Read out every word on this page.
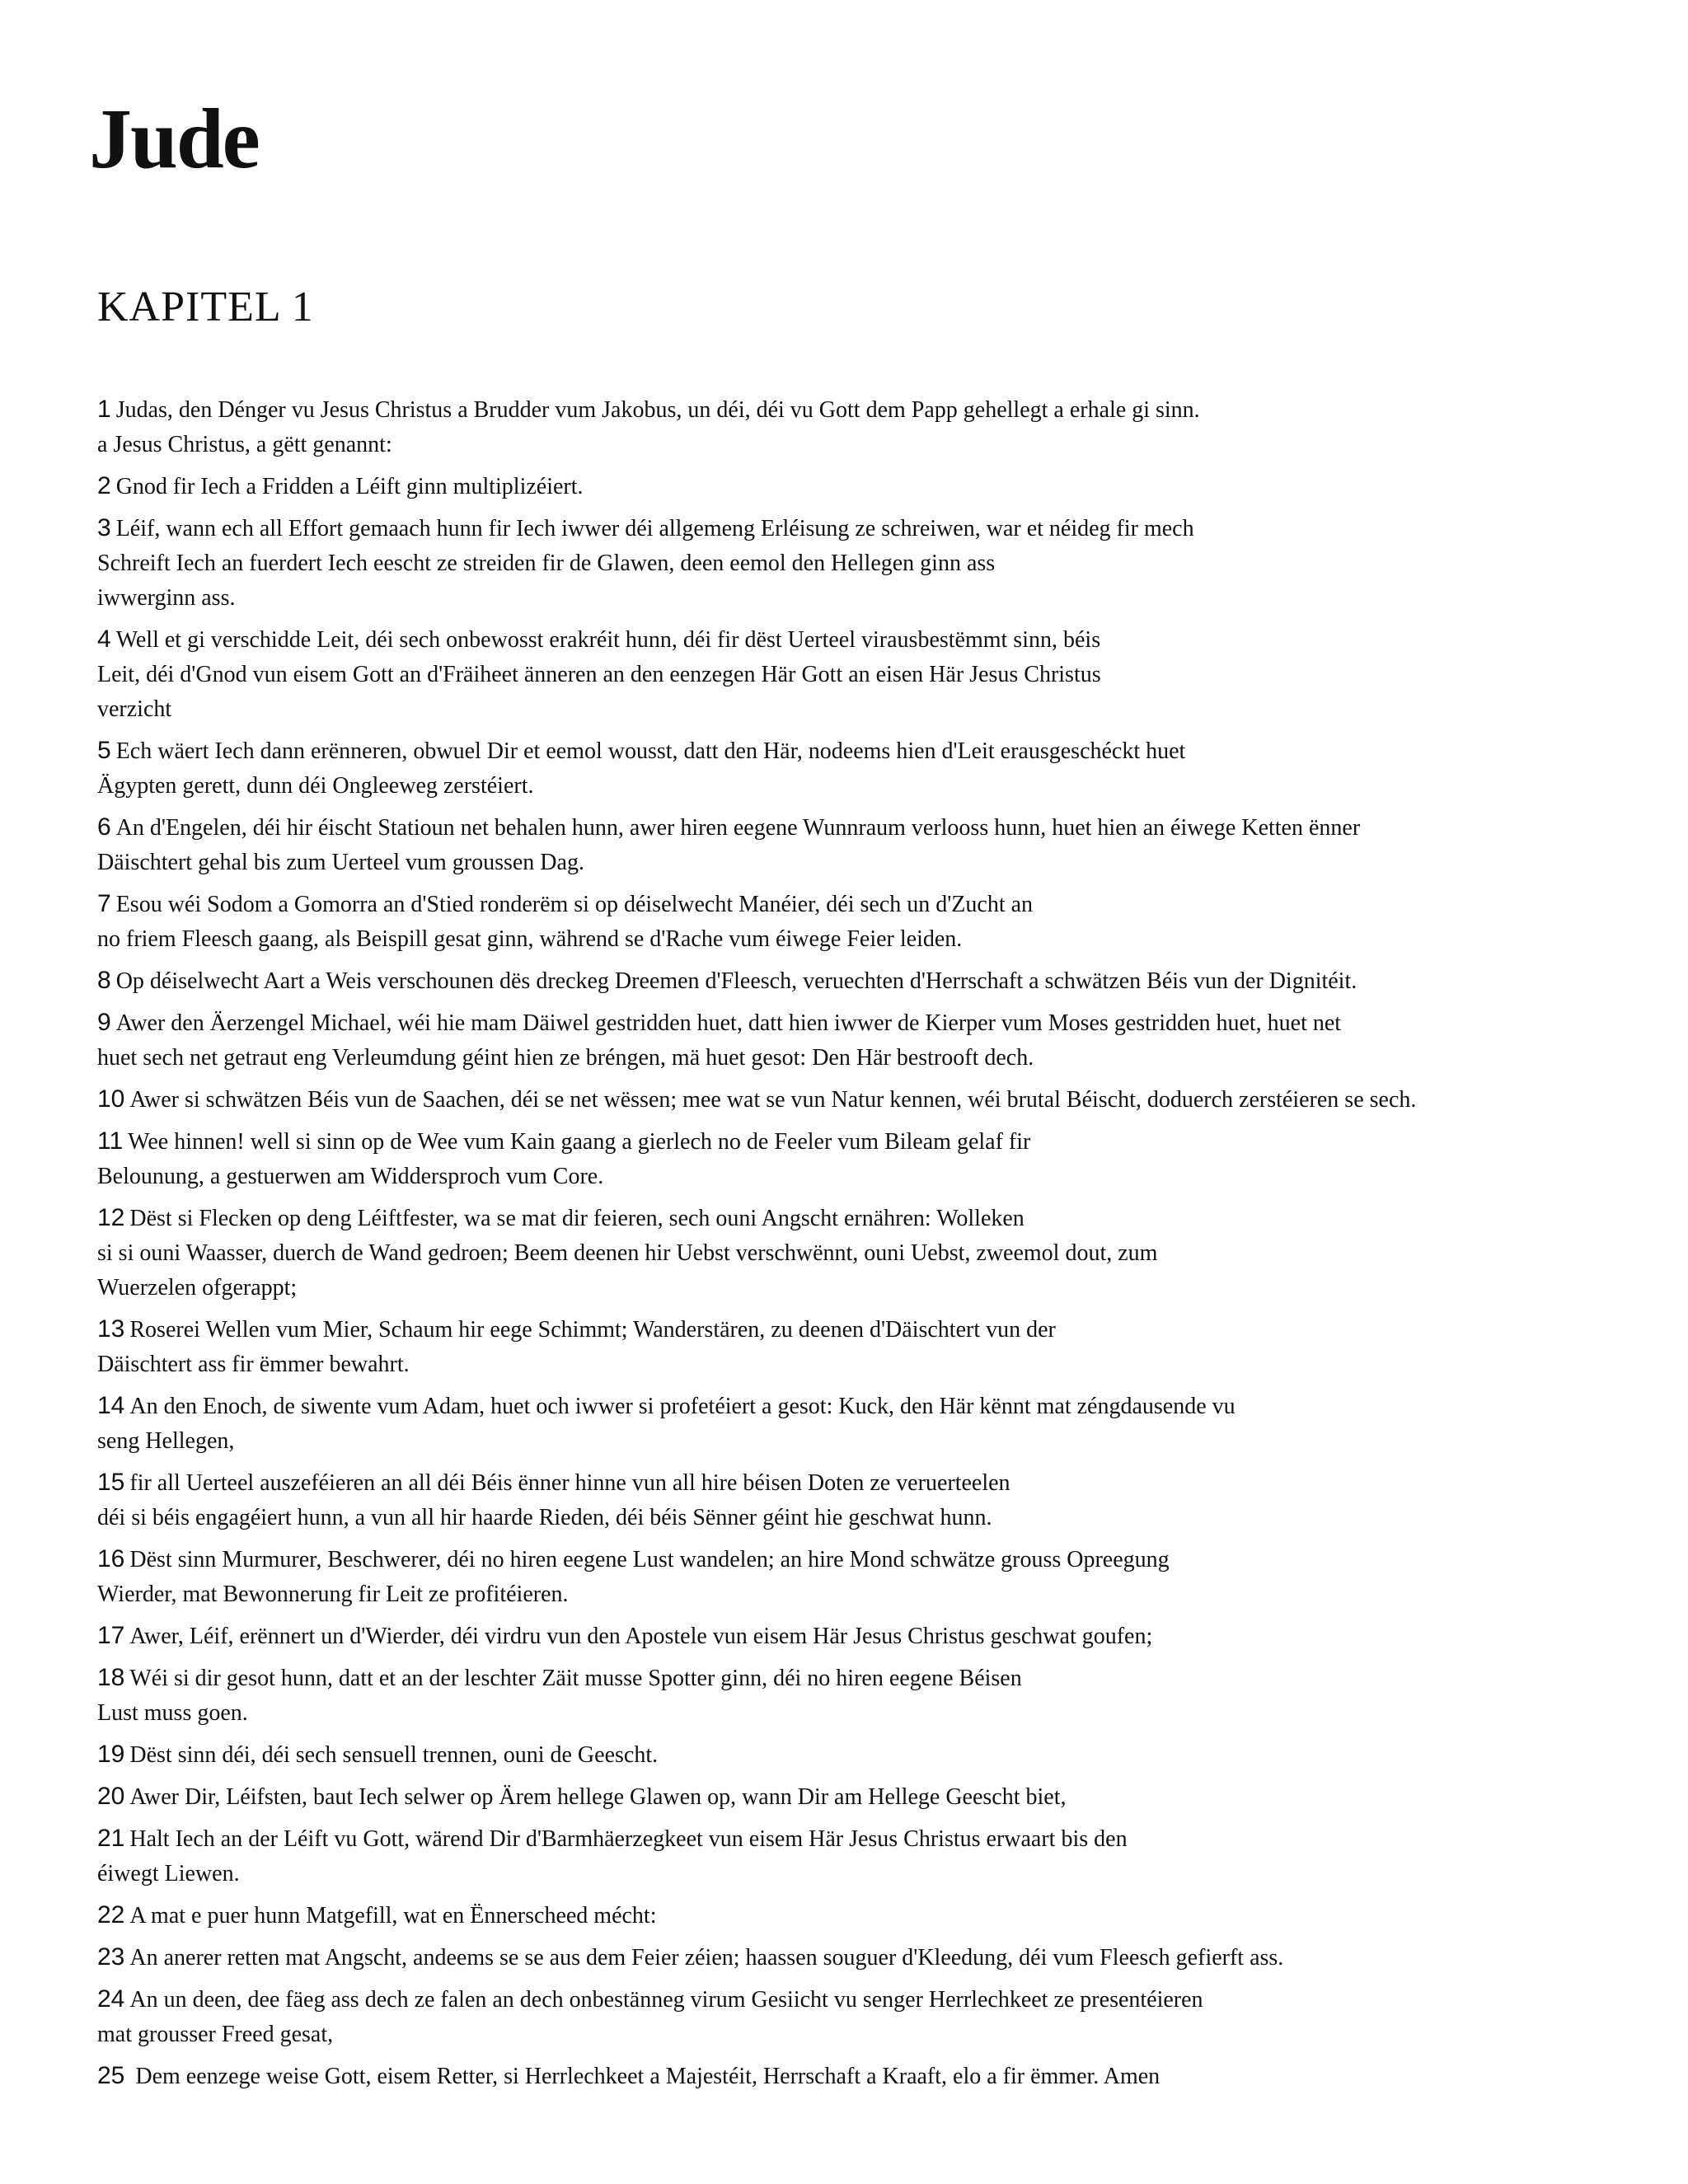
Jude
KAPITEL 1

1 Judas, den Dénger vu Jesus Christus a Brudder vum Jakobus, un déi, déi vu Gott dem Papp gehellegt a erhale gi sinn.
a Jesus Christus, a gëtt genannt:

2 Gnod fir Iech a Fridden a Léift ginn multiplizéiert.

3 Léif, wann ech all Effort gemaach hunn fir Iech iwwer déi allgemeng Erléisung ze schreiwen, war et néideg fir mech
Schreift Iech an fuerdert Iech eescht ze streiden fir de Glawen, deen eemol den Hellegen ginn ass
iwwerginn ass.

4 Well et gi verschidde Leit, déi sech onbewosst erakréit hunn, déi fir dëst Uerteel virausbestëmmt sinn, béis
Leit, déi d'Gnod vun eisem Gott an d'Fräiheet änneren an den eenzegen Här Gott an eisen Här Jesus Christus
verzicht

5 Ech wäert Iech dann erënneren, obwuel Dir et eemol wousst, datt den Här, nodeems hien d'Leit erausgeschéckt huet
Ägypten gerett, dunn déi Ongleeweg zerstéiert.

6 An d'Engelen, déi hir éischt Statioun net behalen hunn, awer hiren eegene Wunnraum verlooss hunn, huet hien an éiwege Ketten ënner
Däischtert gehal bis zum Uerteel vum groussen Dag.

7 Esou wéi Sodom a Gomorra an d'Stied ronderëm si op déiselwecht Manéier, déi sech un d'Zucht an
no friem Fleesch gaang, als Beispill gesat ginn, während se d'Rache vum éiwege Feier leiden.

8 Op déiselwecht Aart a Weis verschounen dës dreckeg Dreemen d'Fleesch, veruechten d'Herrschaft a schwätzen Béis vun der Dignitéit.

9 Awer den Äerzengel Michael, wéi hie mam Däiwel gestridden huet, datt hien iwwer de Kierper vum Moses gestridden huet, huet net
huet sech net getraut eng Verleumdung géint hien ze bréngen, mä huet gesot: Den Här bestrooft dech.

10 Awer si schwätzen Béis vun de Saachen, déi se net wëssen; mee wat se vun Natur kennen, wéi brutal Béischt, doduerch zerstéieren se sech.

11 Wee hinnen! well si sinn op de Wee vum Kain gaang a gierlech no de Feeler vum Bileam gelaf fir
Belounung, a gestuerwen am Widdersproch vum Core.

12 Dëst si Flecken op deng Léiftfester, wa se mat dir feieren, sech ouni Angscht ernähren: Wolleken
si si ouni Waasser, duerch de Wand gedroen; Beem deenen hir Uebst verschwënnt, ouni Uebst, zweemol dout, zum
Wuerzelen ofgerappt;

13 Roserei Wellen vum Mier, Schaum hir eege Schimmt; Wanderstären, zu deenen d'Däischtert vun der
Däischtert ass fir ëmmer bewahrt.

14 An den Enoch, de siwente vum Adam, huet och iwwer si profetéiert a gesot: Kuck, den Här kënnt mat zéngdausende vu
seng Hellegen,

15 fir all Uerteel auszeféieren an all déi Béis ënner hinne vun all hire béisen Doten ze veruerteelen
déi si béis engagéiert hunn, a vun all hir haarde Rieden, déi béis Sënner géint hie geschwat hunn.

16 Dëst sinn Murmurer, Beschwerer, déi no hiren eegene Lust wandelen; an hire Mond schwätze grouss Opreegung
Wierder, mat Bewonnerung fir Leit ze profitéieren.

17 Awer, Léif, erënnert un d'Wierder, déi virdru vun den Apostele vun eisem Här Jesus Christus geschwat goufen;

18 Wéi si dir gesot hunn, datt et an der leschter Zäit musse Spotter ginn, déi no hiren eegene Béisen
Lust muss goen.

19 Dëst sinn déi, déi sech sensuell trennen, ouni de Geescht.

20 Awer Dir, Léifsten, baut Iech selwer op Ärem hellege Glawen op, wann Dir am Hellege Geescht biet,

21 Halt Iech an der Léift vu Gott, wärend Dir d'Barmhäerzegkeet vun eisem Här Jesus Christus erwaart bis den
éiwegt Liewen.

22 A mat e puer hunn Matgefill, wat en Ënnerscheed mécht:

23 An anerer retten mat Angscht, andeems se se aus dem Feier zéien; haassen souguer d'Kleedung, déi vum Fleesch gefierft ass.

24 An un deen, dee fäeg ass dech ze falen an dech onbestänneg virum Gesiicht vu senger Herrlechkeet ze presentéieren
mat grousser Freed gesat,

25 Dem eenzege weise Gott, eisem Retter, si Herrlechkeet a Majestéit, Herrschaft a Kraaft, elo a fir ëmmer. Amen
